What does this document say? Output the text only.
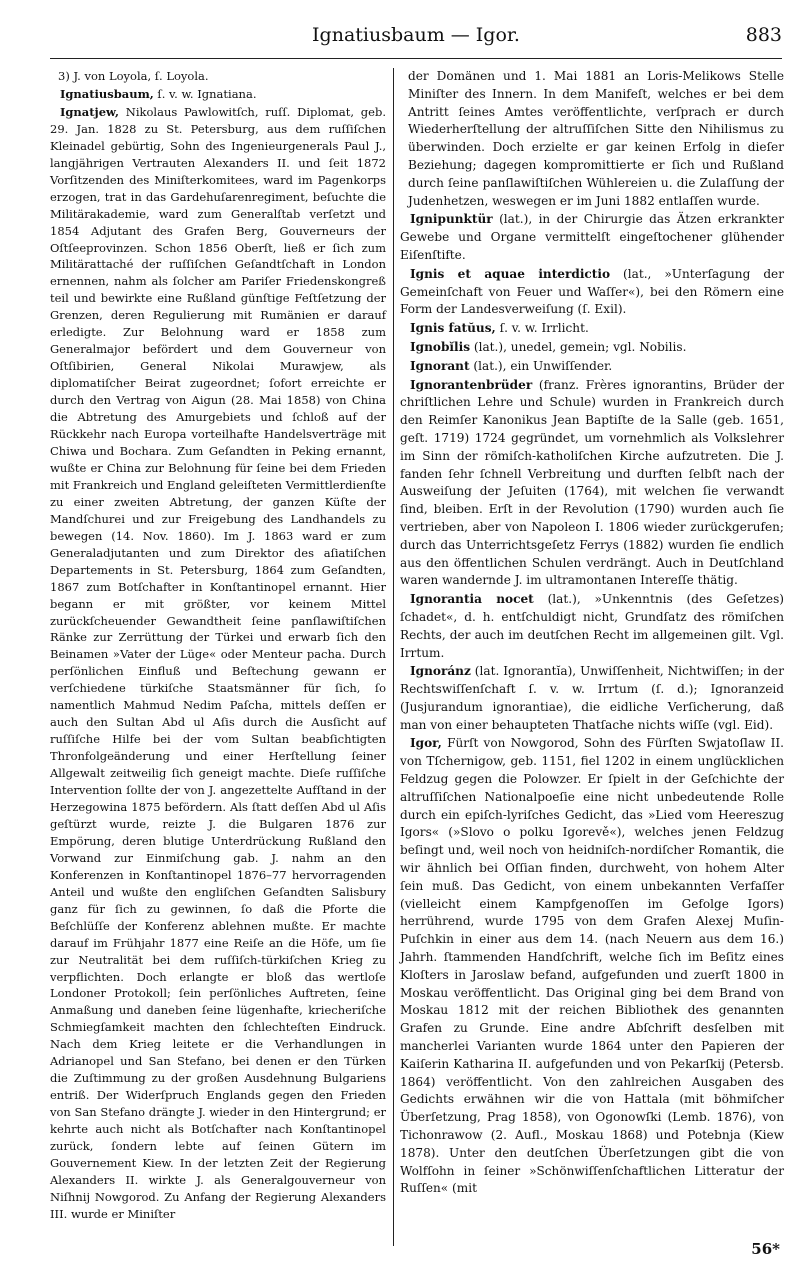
Ignatiusbaum — Igor.	883

3) J. von Loyola, ſ. Loyola.

Ignatiusbaum, ſ. v. w. Ignatiana.

Ignatjew, Nikolaus Pawlowitſch, ruſſ. Diplomat, geb. 29. Jan. 1828 zu St. Petersburg, aus dem ruſſiſchen Kleinadel gebürtig, Sohn des Ingenieurgenerals Paul J., langjährigen Vertrauten Alexanders II. und ſeit 1872 Vorſitzenden des Miniſterkomitees, ward im Pagenkorps erzogen, trat in das Gardehuſarenregiment, beſuchte die Militärakademie, ward zum Generalſtab verſetzt und 1854 Adjutant des Grafen Berg, Gouverneurs der Oſtſeeprovinzen. Schon 1856 Oberſt, ließ er ſich zum Militärattaché der ruſſiſchen Geſandtſchaft in London ernennen, nahm als ſolcher am Pariſer Friedenskongreß teil und bewirkte eine Rußland günſtige Feſtſetzung der Grenzen, deren Regulierung mit Rumänien er darauf erledigte. Zur Belohnung ward er 1858 zum Generalmajor befördert und dem Gouverneur von Oſtſibirien, General Nikolai Murawjew, als diplomatiſcher Beirat zugeordnet; ſofort erreichte er durch den Vertrag von Aigun (28. Mai 1858) von China die Abtretung des Amurgebiets und ſchloß auf der Rückkehr nach Europa vorteilhafte Handelsverträge mit Chiwa und Bochara. Zum Geſandten in Peking ernannt, wußte er China zur Belohnung für ſeine bei dem Frieden mit Frankreich und England geleiſteten Vermittlerdienſte zu einer zweiten Abtretung, der ganzen Küſte der Mandſchurei und zur Freigebung des Landhandels zu bewegen (14. Nov. 1860). Im J. 1863 ward er zum Generaladjutanten und zum Direktor des aſiatiſchen Departements in St. Petersburg, 1864 zum Geſandten, 1867 zum Botſchafter in Konſtantinopel ernannt. Hier begann er mit größter, vor keinem Mittel zurückſcheuender Gewandtheit ſeine panſlawiſtiſchen Ränke zur Zerrüttung der Türkei und erwarb ſich den Beinamen »Vater der Lüge« oder Menteur pacha. Durch perſönlichen Einfluß und Beſtechung gewann er verſchiedene türkiſche Staatsmänner für ſich, ſo namentlich Mahmud Nedim Paſcha, mittels deſſen er auch den Sultan Abd ul Aſis durch die Ausſicht auf ruſſiſche Hilfe bei der vom Sultan beabſichtigten Thronfolgeänderung und einer Herſtellung ſeiner Allgewalt zeitweilig ſich geneigt machte. Dieſe ruſſiſche Intervention ſollte der von J. angezettelte Aufſtand in der Herzegowina 1875 befördern. Als ſtatt deſſen Abd ul Aſis geſtürzt wurde, reizte J. die Bulgaren 1876 zur Empörung, deren blutige Unterdrückung Rußland den Vorwand zur Einmiſchung gab. J. nahm an den Konferenzen in Konſtantinopel 1876–77 hervorragenden Anteil und wußte den engliſchen Geſandten Salisbury ganz für ſich zu gewinnen, ſo daß die Pforte die Beſchlüſſe der Konferenz ablehnen mußte. Er machte darauf im Frühjahr 1877 eine Reiſe an die Höfe, um ſie zur Neutralität bei dem ruſſiſch-türkiſchen Krieg zu verpflichten. Doch erlangte er bloß das wertloſe Londoner Protokoll; ſein perſönliches Auftreten, ſeine Anmaßung und daneben ſeine lügenhafte, kriecheriſche Schmiegſamkeit machten den ſchlechteſten Eindruck. Nach dem Krieg leitete er die Verhandlungen in Adrianopel und San Stefano, bei denen er den Türken die Zuſtimmung zu der großen Ausdehnung Bulgariens entriß. Der Widerſpruch Englands gegen den Frieden von San Stefano drängte J. wieder in den Hintergrund; er kehrte auch nicht als Botſchafter nach Konſtantinopel zurück, ſondern lebte auf ſeinen Gütern im Gouvernement Kiew. In der letzten Zeit der Regierung Alexanders II. wirkte J. als Generalgouverneur von Niſhnij Nowgorod. Zu Anfang der Regierung Alexanders III. wurde er Miniſter

der Domänen und 1. Mai 1881 an Loris-Melikows Stelle Miniſter des Innern. In dem Manifeſt, welches er bei dem Antritt ſeines Amtes veröffentlichte, verſprach er durch Wiederherſtellung der altruſſiſchen Sitte den Nihilismus zu überwinden. Doch erzielte er gar keinen Erfolg in dieſer Beziehung; dagegen kompromittierte er ſich und Rußland durch ſeine panſlawiſtiſchen Wühlereien u. die Zulaſſung der Judenhetzen, weswegen er im Juni 1882 entlaſſen wurde.

Ignipunktür (lat.), in der Chirurgie das Ätzen erkrankter Gewebe und Organe vermittelſt eingeſtochener glühender Eiſenſtifte.

Ignis et aquae interdictio (lat., »Unterſagung der Gemeinſchaft von Feuer und Waſſer«), bei den Römern eine Form der Landesverweiſung (ſ. Exil).

Ignis fatŭus, ſ. v. w. Irrlicht.

Ignobĭlis (lat.), unedel, gemein; vgl. Nobilis.

Ignorant (lat.), ein Unwiſſender.

Ignorantenbrüder (franz. Frères ignorantins, Brüder der chriſtlichen Lehre und Schule) wurden in Frankreich durch den Reimſer Kanonikus Jean Baptiſte de la Salle (geb. 1651, geſt. 1719) 1724 gegründet, um vornehmlich als Volkslehrer im Sinn der römiſch-katholiſchen Kirche aufzutreten. Die J. fanden ſehr ſchnell Verbreitung und durften ſelbſt nach der Ausweiſung der Jeſuiten (1764), mit welchen ſie verwandt ſind, bleiben. Erſt in der Revolution (1790) wurden auch ſie vertrieben, aber von Napoleon I. 1806 wieder zurückgerufen; durch das Unterrichtsgeſetz Ferrys (1882) wurden ſie endlich aus den öffentlichen Schulen verdrängt. Auch in Deutſchland waren wandernde J. im ultramontanen Intereſſe thätig.

Ignorantia nocet (lat.), »Unkenntnis (des Geſetzes) ſchadet«, d. h. entſchuldigt nicht, Grundſatz des römiſchen Rechts, der auch im deutſchen Recht im allgemeinen gilt. Vgl. Irrtum.

Ignoránz (lat. Ignorantĭa), Unwiſſenheit, Nichtwiſſen; in der Rechtswiſſenſchaft ſ. v. w. Irrtum (ſ. d.); Ignoranzeid (Jusjurandum ignorantiae), die eidliche Verſicherung, daß man von einer behaupteten Thatſache nichts wiſſe (vgl. Eid).

Igor, Fürſt von Nowgorod, Sohn des Fürſten Swjatoſlaw II. von Tſchernigow, geb. 1151, fiel 1202 in einem unglücklichen Feldzug gegen die Polowzer. Er ſpielt in der Geſchichte der altruſſiſchen Nationalpoeſie eine nicht unbedeutende Rolle durch ein epiſch-lyriſches Gedicht, das »Lied vom Heereszug Igors« (»Slovo o polku Igorevě«), welches jenen Feldzug beſingt und, weil noch von heidniſch-nordiſcher Romantik, die wir ähnlich bei Oſſian finden, durchweht, von hohem Alter ſein muß. Das Gedicht, von einem unbekannten Verfaſſer (vielleicht einem Kampfgenoſſen im Gefolge Igors) herrührend, wurde 1795 von dem Grafen Alexej Muſin-Puſchkin in einer aus dem 14. (nach Neuern aus dem 16.) Jahrh. ſtammenden Handſchrift, welche ſich im Beſitz eines Kloſters in Jaroslaw befand, aufgefunden und zuerſt 1800 in Moskau veröffentlicht. Das Original ging bei dem Brand von Moskau 1812 mit der reichen Bibliothek des genannten Grafen zu Grunde. Eine andre Abſchrift desſelben mit mancherlei Varianten wurde 1864 unter den Papieren der Kaiſerin Katharina II. aufgefunden und von Pekarſkij (Petersb. 1864) veröffentlicht. Von den zahlreichen Ausgaben des Gedichts erwähnen wir die von Hattala (mit böhmiſcher Überſetzung, Prag 1858), von Ogonowſki (Lemb. 1876), von Tichonrawow (2. Aufl., Moskau 1868) und Potebnja (Kiew 1878). Unter den deutſchen Überſetzungen gibt die von Wolfſohn in ſeiner »Schönwiſſenſchaftlichen Litteratur der Ruſſen« (mit

56*
